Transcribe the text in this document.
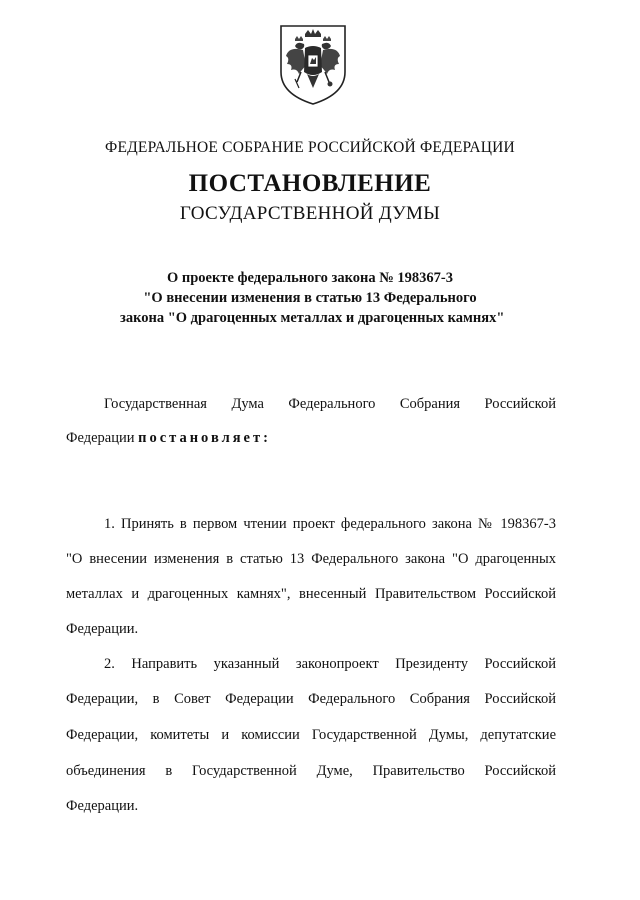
ФЕДЕРАЛЬНОЕ СОБРАНИЕ РОССИЙСКОЙ ФЕДЕРАЦИИ
ПОСТАНОВЛЕНИЕ
ГОСУДАРСТВЕННОЙ ДУМЫ
О проекте федерального закона № 198367-3
"О внесении изменения в статью 13 Федерального
закона "О драгоценных металлах и драгоценных камнях"
Государственная Дума Федерального Собрания Российской
Федерации постановляет:
1. Принять в первом чтении проект федерального закона № 198367-3
"О внесении изменения в статью 13 Федерального закона "О драгоценных
металлах и драгоценных камнях", внесенный Правительством Российской
Федерации.
2. Направить указанный законопроект Президенту Российской
Федерации, в Совет Федерации Федерального Собрания Российской
Федерации, комитеты и комиссии Государственной Думы, депутатские
объединения в Государственной Думе, Правительство Российской
Федерации.
